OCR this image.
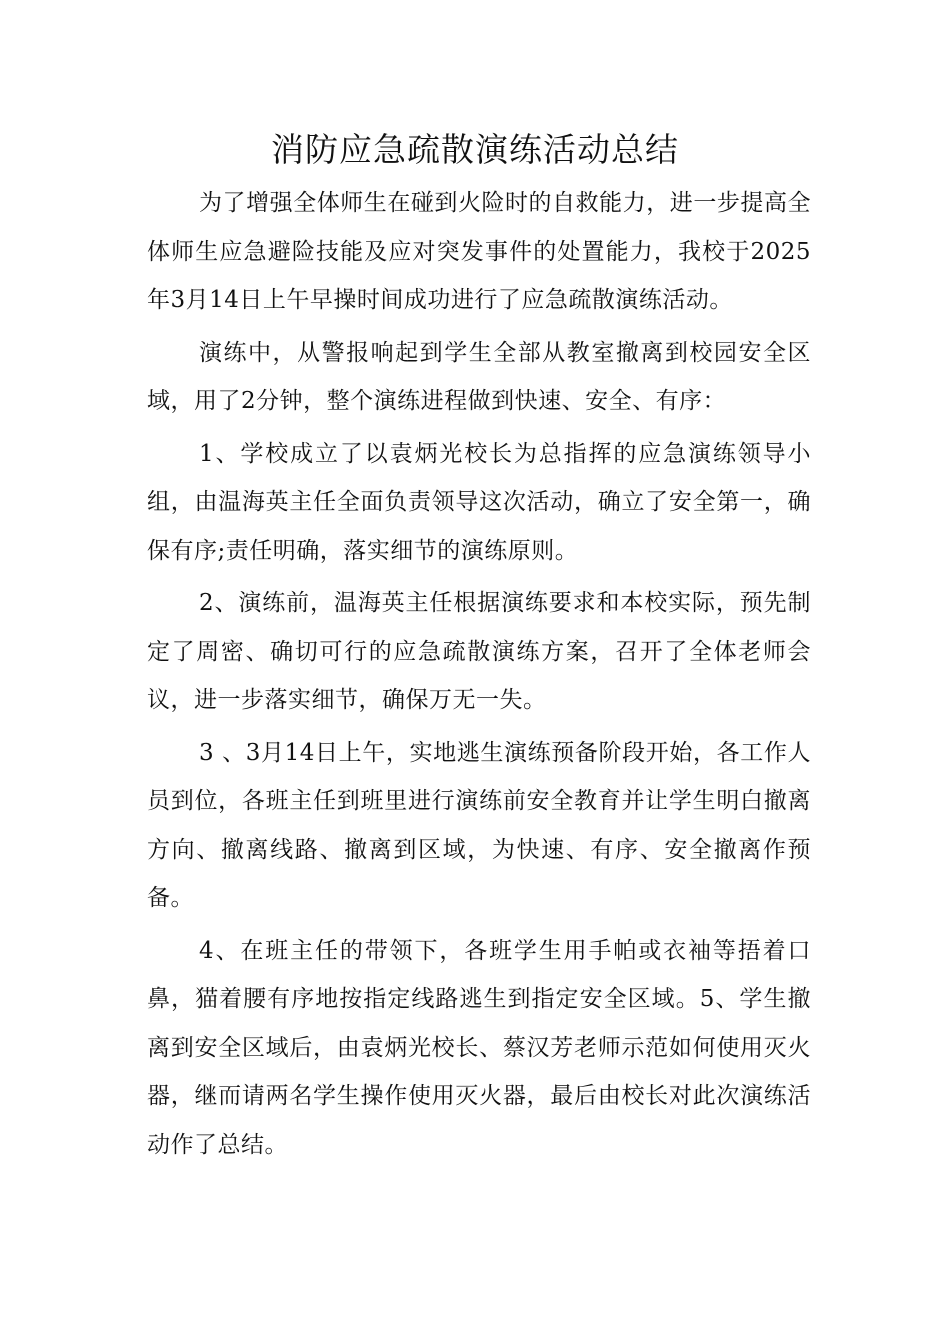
消防应急疏散演练活动总结

为了增强全体师生在碰到火险时的自救能力，进一步提高全体师生应急避险技能及应对突发事件的处置能力，我校于2025年3月14日上午早操时间成功进行了应急疏散演练活动。

演练中，从警报响起到学生全部从教室撤离到校园安全区域，用了2分钟，整个演练进程做到快速、安全、有序：

1、学校成立了以袁炳光校长为总指挥的应急演练领导小组，由温海英主任全面负责领导这次活动，确立了安全第一，确保有序;责任明确，落实细节的演练原则。

2、演练前，温海英主任根据演练要求和本校实际，预先制定了周密、确切可行的应急疏散演练方案，召开了全体老师会议，进一步落实细节，确保万无一失。

3 、3月14日上午，实地逃生演练预备阶段开始，各工作人员到位，各班主任到班里进行演练前安全教育并让学生明白撤离方向、撤离线路、撤离到区域，为快速、有序、安全撤离作预备。

4、在班主任的带领下，各班学生用手帕或衣袖等捂着口鼻，猫着腰有序地按指定线路逃生到指定安全区域。5、学生撤离到安全区域后，由袁炳光校长、蔡汉芳老师示范如何使用灭火器，继而请两名学生操作使用灭火器，最后由校长对此次演练活动作了总结。
